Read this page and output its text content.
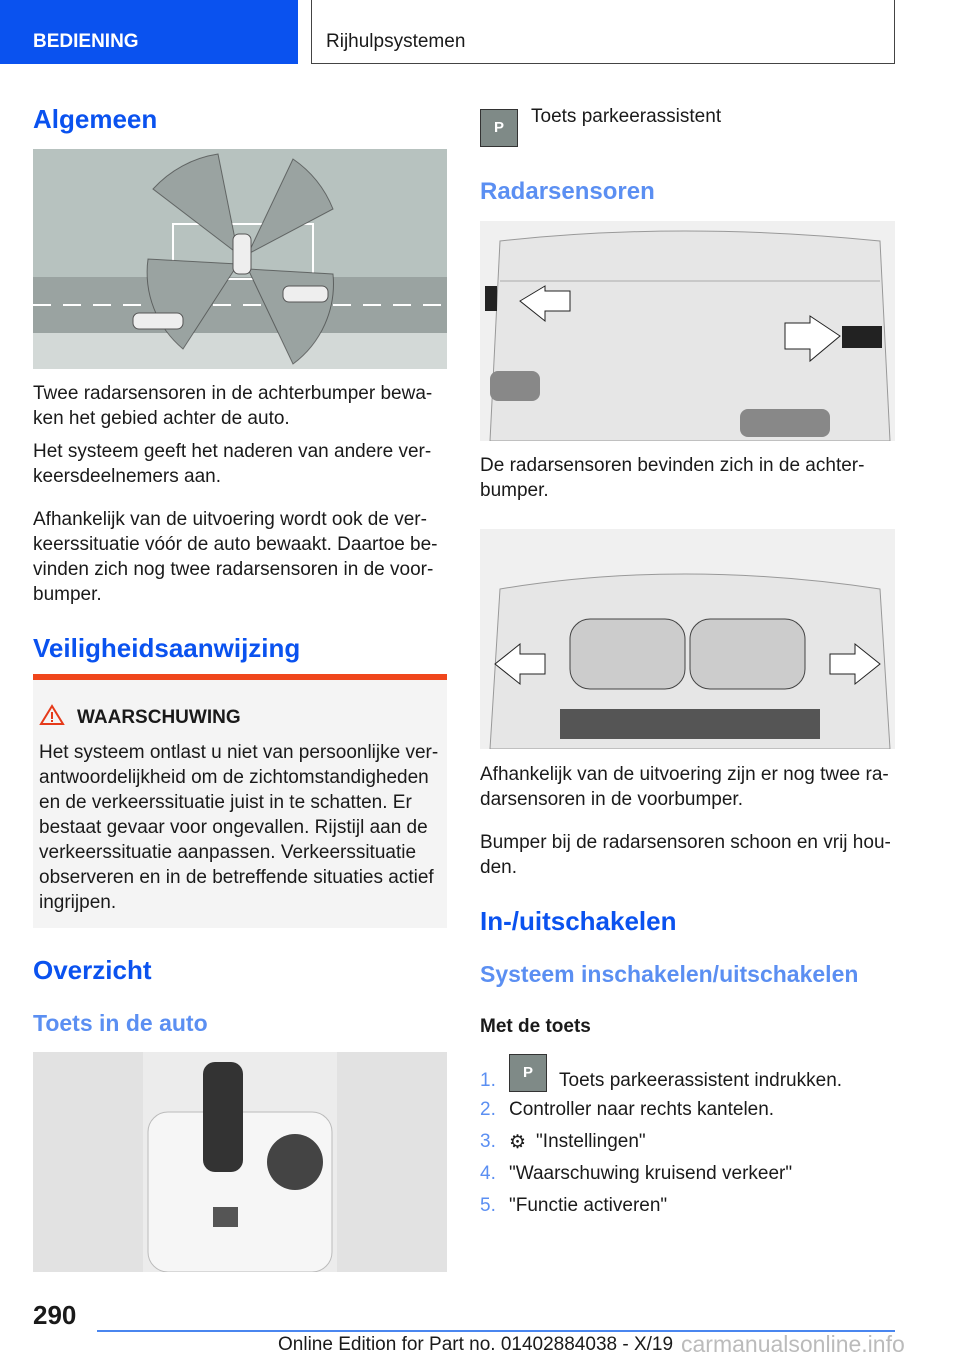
BEDIENING	Rijhulpsystemen
Algemeen

Twee radarsensoren in de achterbumper bewa-ken het gebied achter de auto.

Het systeem geeft het naderen van andere ver-keersdeelnemers aan.

Afhankelijk van de uitvoering wordt ook de ver-keerssituatie vóór de auto bewaakt. Daartoe be-vinden zich nog twee radarsensoren in de voor-bumper.

Veiligheidsaanwijzing
WAARSCHUWING

Het systeem ontlast u niet van persoonlijke ver-antwoordelijkheid om de zichtomstandigheden en de verkeerssituatie juist in te schatten. Er bestaat gevaar voor ongevallen. Rijstijl aan de verkeerssituatie aanpassen. Verkeerssituatie observeren en in de betreffende situaties actief ingrijpen.

Overzicht
Toets in de auto
P

Toets parkeerassistent

Radarsensoren

De radarsensoren bevinden zich in de achter-bumper.

Afhankelijk van de uitvoering zijn er nog twee ra-darsensoren in de voorbumper.

Bumper bij de radarsensoren schoon en vrij hou-den.

In-/uitschakelen
Systeem inschakelen/uitschakelen

Met de toets

1.	P	Toets parkeerassistent indrukken.
2. Controller naar rechts kantelen.
3. ⚙ "Instellingen"
4. "Waarschuwing kruisend verkeer"
5. "Functie activeren"
290
Online Edition for Part no. 01402884038 - X/19 carmanualsonline.info
